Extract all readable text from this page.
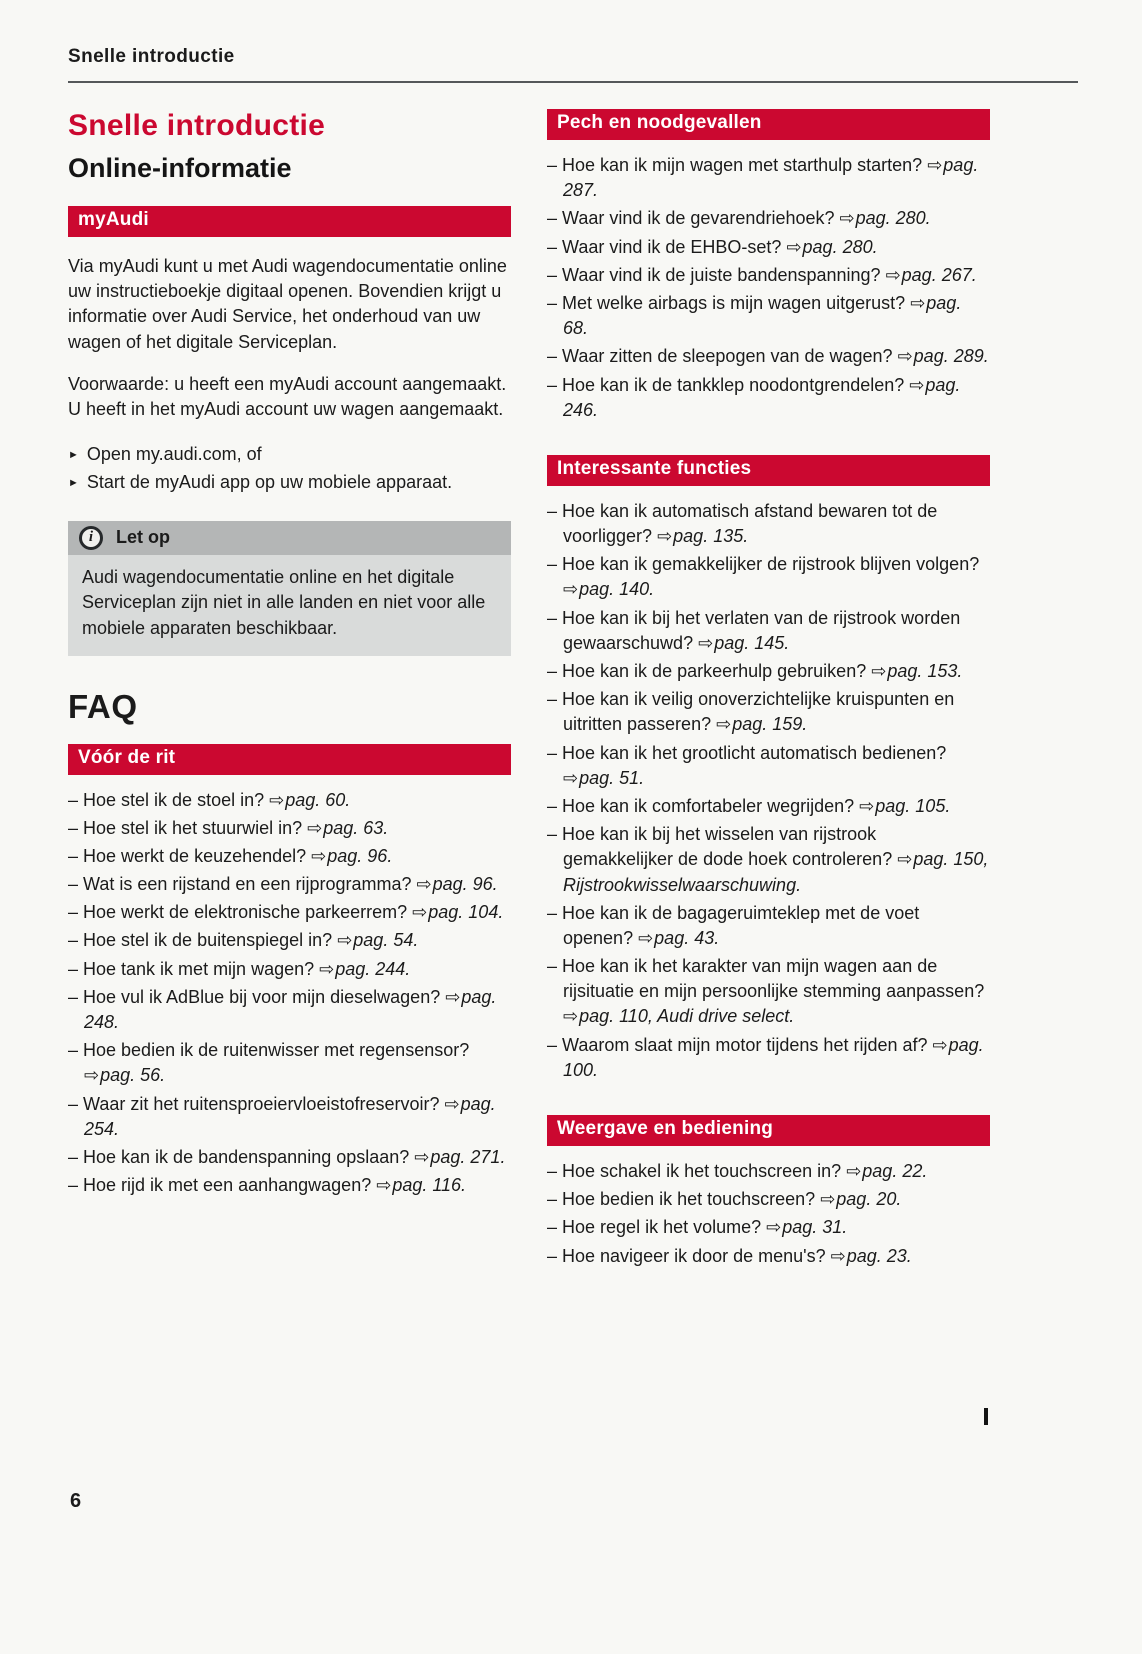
Snelle introductie
Snelle introductie
Online-informatie
myAudi

Via myAudi kunt u met Audi wagendocumentatie online uw instructieboekje digitaal openen. Bovendien krijgt u informatie over Audi Service, het onderhoud van uw wagen of het digitale Serviceplan.

Voorwaarde: u heeft een myAudi account aangemaakt. U heeft in het myAudi account uw wagen aangemaakt.

► Open my.audi.com, of
► Start de myAudi app op uw mobiele apparaat.
i	Let op
Audi wagendocumentatie online en het digitale Serviceplan zijn niet in alle landen en niet voor alle mobiele apparaten beschikbaar.
FAQ
Vóór de rit
– Hoe stel ik de stoel in? ⇨pag. 60.
– Hoe stel ik het stuurwiel in? ⇨pag. 63.
– Hoe werkt de keuzehendel? ⇨pag. 96.
– Wat is een rijstand en een rijprogramma? ⇨pag. 96.
– Hoe werkt de elektronische parkeerrem? ⇨pag. 104.
– Hoe stel ik de buitenspiegel in? ⇨pag. 54.
– Hoe tank ik met mijn wagen? ⇨pag. 244.
– Hoe vul ik AdBlue bij voor mijn dieselwagen? ⇨pag. 248.
– Hoe bedien ik de ruitenwisser met regensensor? ⇨pag. 56.
– Waar zit het ruitensproeiervloeistofreservoir? ⇨pag. 254.
– Hoe kan ik de bandenspanning opslaan? ⇨pag. 271.
– Hoe rijd ik met een aanhangwagen? ⇨pag. 116.
Pech en noodgevallen
– Hoe kan ik mijn wagen met starthulp starten? ⇨pag. 287.
– Waar vind ik de gevarendriehoek? ⇨pag. 280.
– Waar vind ik de EHBO-set? ⇨pag. 280.
– Waar vind ik de juiste bandenspanning? ⇨pag. 267.
– Met welke airbags is mijn wagen uitgerust? ⇨pag. 68.
– Waar zitten de sleepogen van de wagen? ⇨pag. 289.
– Hoe kan ik de tankklep noodontgrendelen? ⇨pag. 246.
Interessante functies
– Hoe kan ik automatisch afstand bewaren tot de voorligger? ⇨pag. 135.
– Hoe kan ik gemakkelijker de rijstrook blijven volgen? ⇨pag. 140.
– Hoe kan ik bij het verlaten van de rijstrook worden gewaarschuwd? ⇨pag. 145.
– Hoe kan ik de parkeerhulp gebruiken? ⇨pag. 153.
– Hoe kan ik veilig onoverzichtelijke kruispunten en uitritten passeren? ⇨pag. 159.
– Hoe kan ik het grootlicht automatisch bedienen? ⇨pag. 51.
– Hoe kan ik comfortabeler wegrijden? ⇨pag. 105.
– Hoe kan ik bij het wisselen van rijstrook gemakkelijker de dode hoek controleren? ⇨pag. 150, Rijstrookwisselwaarschuwing.
– Hoe kan ik de bagageruimteklep met de voet openen? ⇨pag. 43.
– Hoe kan ik het karakter van mijn wagen aan de rijsituatie en mijn persoonlijke stemming aanpassen? ⇨pag. 110, Audi drive select.
– Waarom slaat mijn motor tijdens het rijden af? ⇨pag. 100.
Weergave en bediening
– Hoe schakel ik het touchscreen in? ⇨pag. 22.
– Hoe bedien ik het touchscreen? ⇨pag. 20.
– Hoe regel ik het volume? ⇨pag. 31.
– Hoe navigeer ik door de menu's? ⇨pag. 23.
6
